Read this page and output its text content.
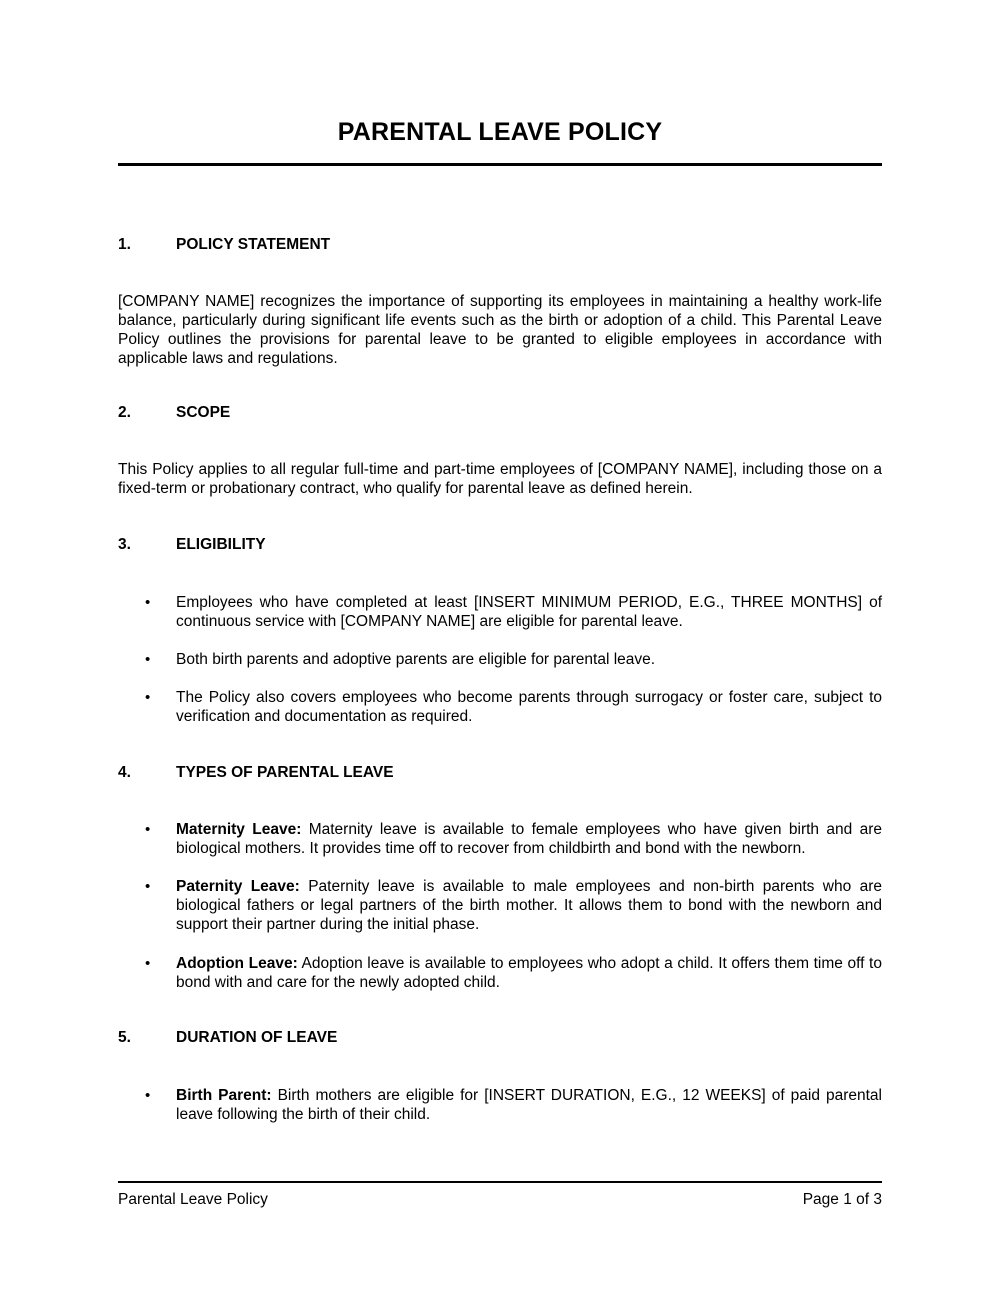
PARENTAL LEAVE POLICY
1.	POLICY STATEMENT

[COMPANY NAME] recognizes the importance of supporting its employees in maintaining a healthy work-life balance, particularly during significant life events such as the birth or adoption of a child. This Parental Leave Policy outlines the provisions for parental leave to be granted to eligible employees in accordance with applicable laws and regulations.

2.	SCOPE

This Policy applies to all regular full-time and part-time employees of [COMPANY NAME], including those on a fixed-term or probationary contract, who qualify for parental leave as defined herein.

3.	ELIGIBILITY
• Employees who have completed at least [INSERT MINIMUM PERIOD, E.G., THREE MONTHS] of continuous service with [COMPANY NAME] are eligible for parental leave.
• Both birth parents and adoptive parents are eligible for parental leave.
• The Policy also covers employees who become parents through surrogacy or foster care, subject to verification and documentation as required.
4.	TYPES OF PARENTAL LEAVE
• Maternity Leave: Maternity leave is available to female employees who have given birth and are biological mothers. It provides time off to recover from childbirth and bond with the newborn.
• Paternity Leave: Paternity leave is available to male employees and non-birth parents who are biological fathers or legal partners of the birth mother. It allows them to bond with the newborn and support their partner during the initial phase.
• Adoption Leave: Adoption leave is available to employees who adopt a child. It offers them time off to bond with and care for the newly adopted child.
5.	DURATION OF LEAVE
• Birth Parent: Birth mothers are eligible for [INSERT DURATION, E.G., 12 WEEKS] of paid parental leave following the birth of their child.
Parental Leave Policy	Page 1 of 3
